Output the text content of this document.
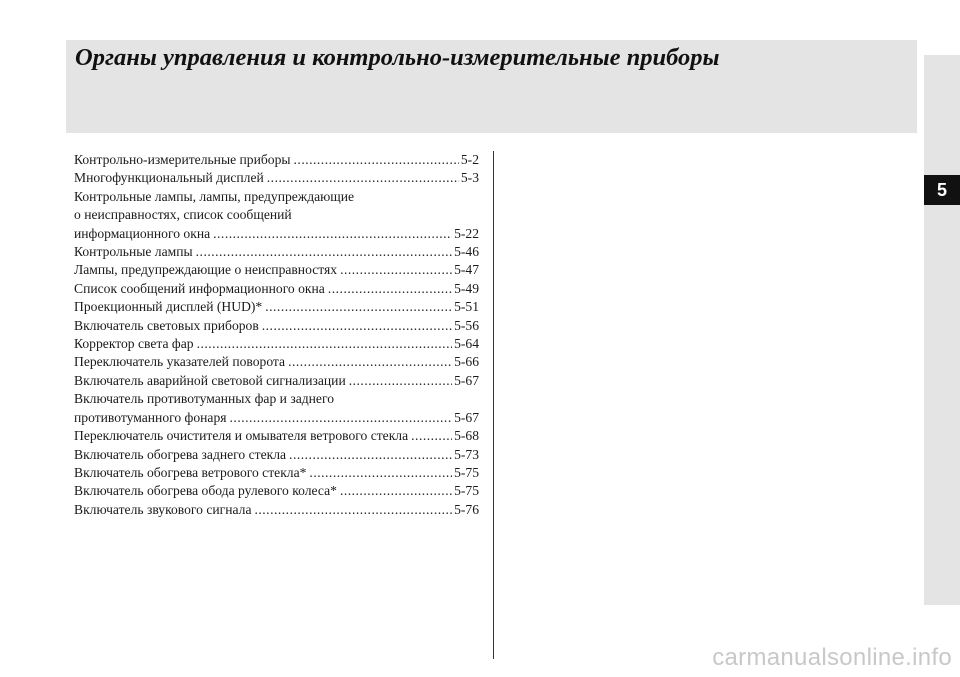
Органы управления и контрольно-измерительные приборы
5
Контрольно-измерительные приборы .....	5-2
Многофункциональный дисплей .....	5-3
Контрольные лампы, лампы, предупреждающие
о неисправностях, список сообщений
информационного окна .....	5-22
Контрольные лампы .....	5-46
Лампы, предупреждающие о неисправностях .....	5-47
Список сообщений информационного окна .....	5-49
Проекционный дисплей (HUD)* .....	5-51
Включатель световых приборов .....	5-56
Корректор света фар .....	5-64
Переключатель указателей поворота .....	5-66
Включатель аварийной световой сигнализации .....	5-67
Включатель противотуманных фар и заднего
противотуманного фонаря .....	5-67
Переключатель очистителя и омывателя ветрового стекла .....	5-68
Включатель обогрева заднего стекла .....	5-73
Включатель обогрева ветрового стекла* .....	5-75
Включатель обогрева обода рулевого колеса* .....	5-75
Включатель звукового сигнала .....	5-76
carmanualsonline.info
